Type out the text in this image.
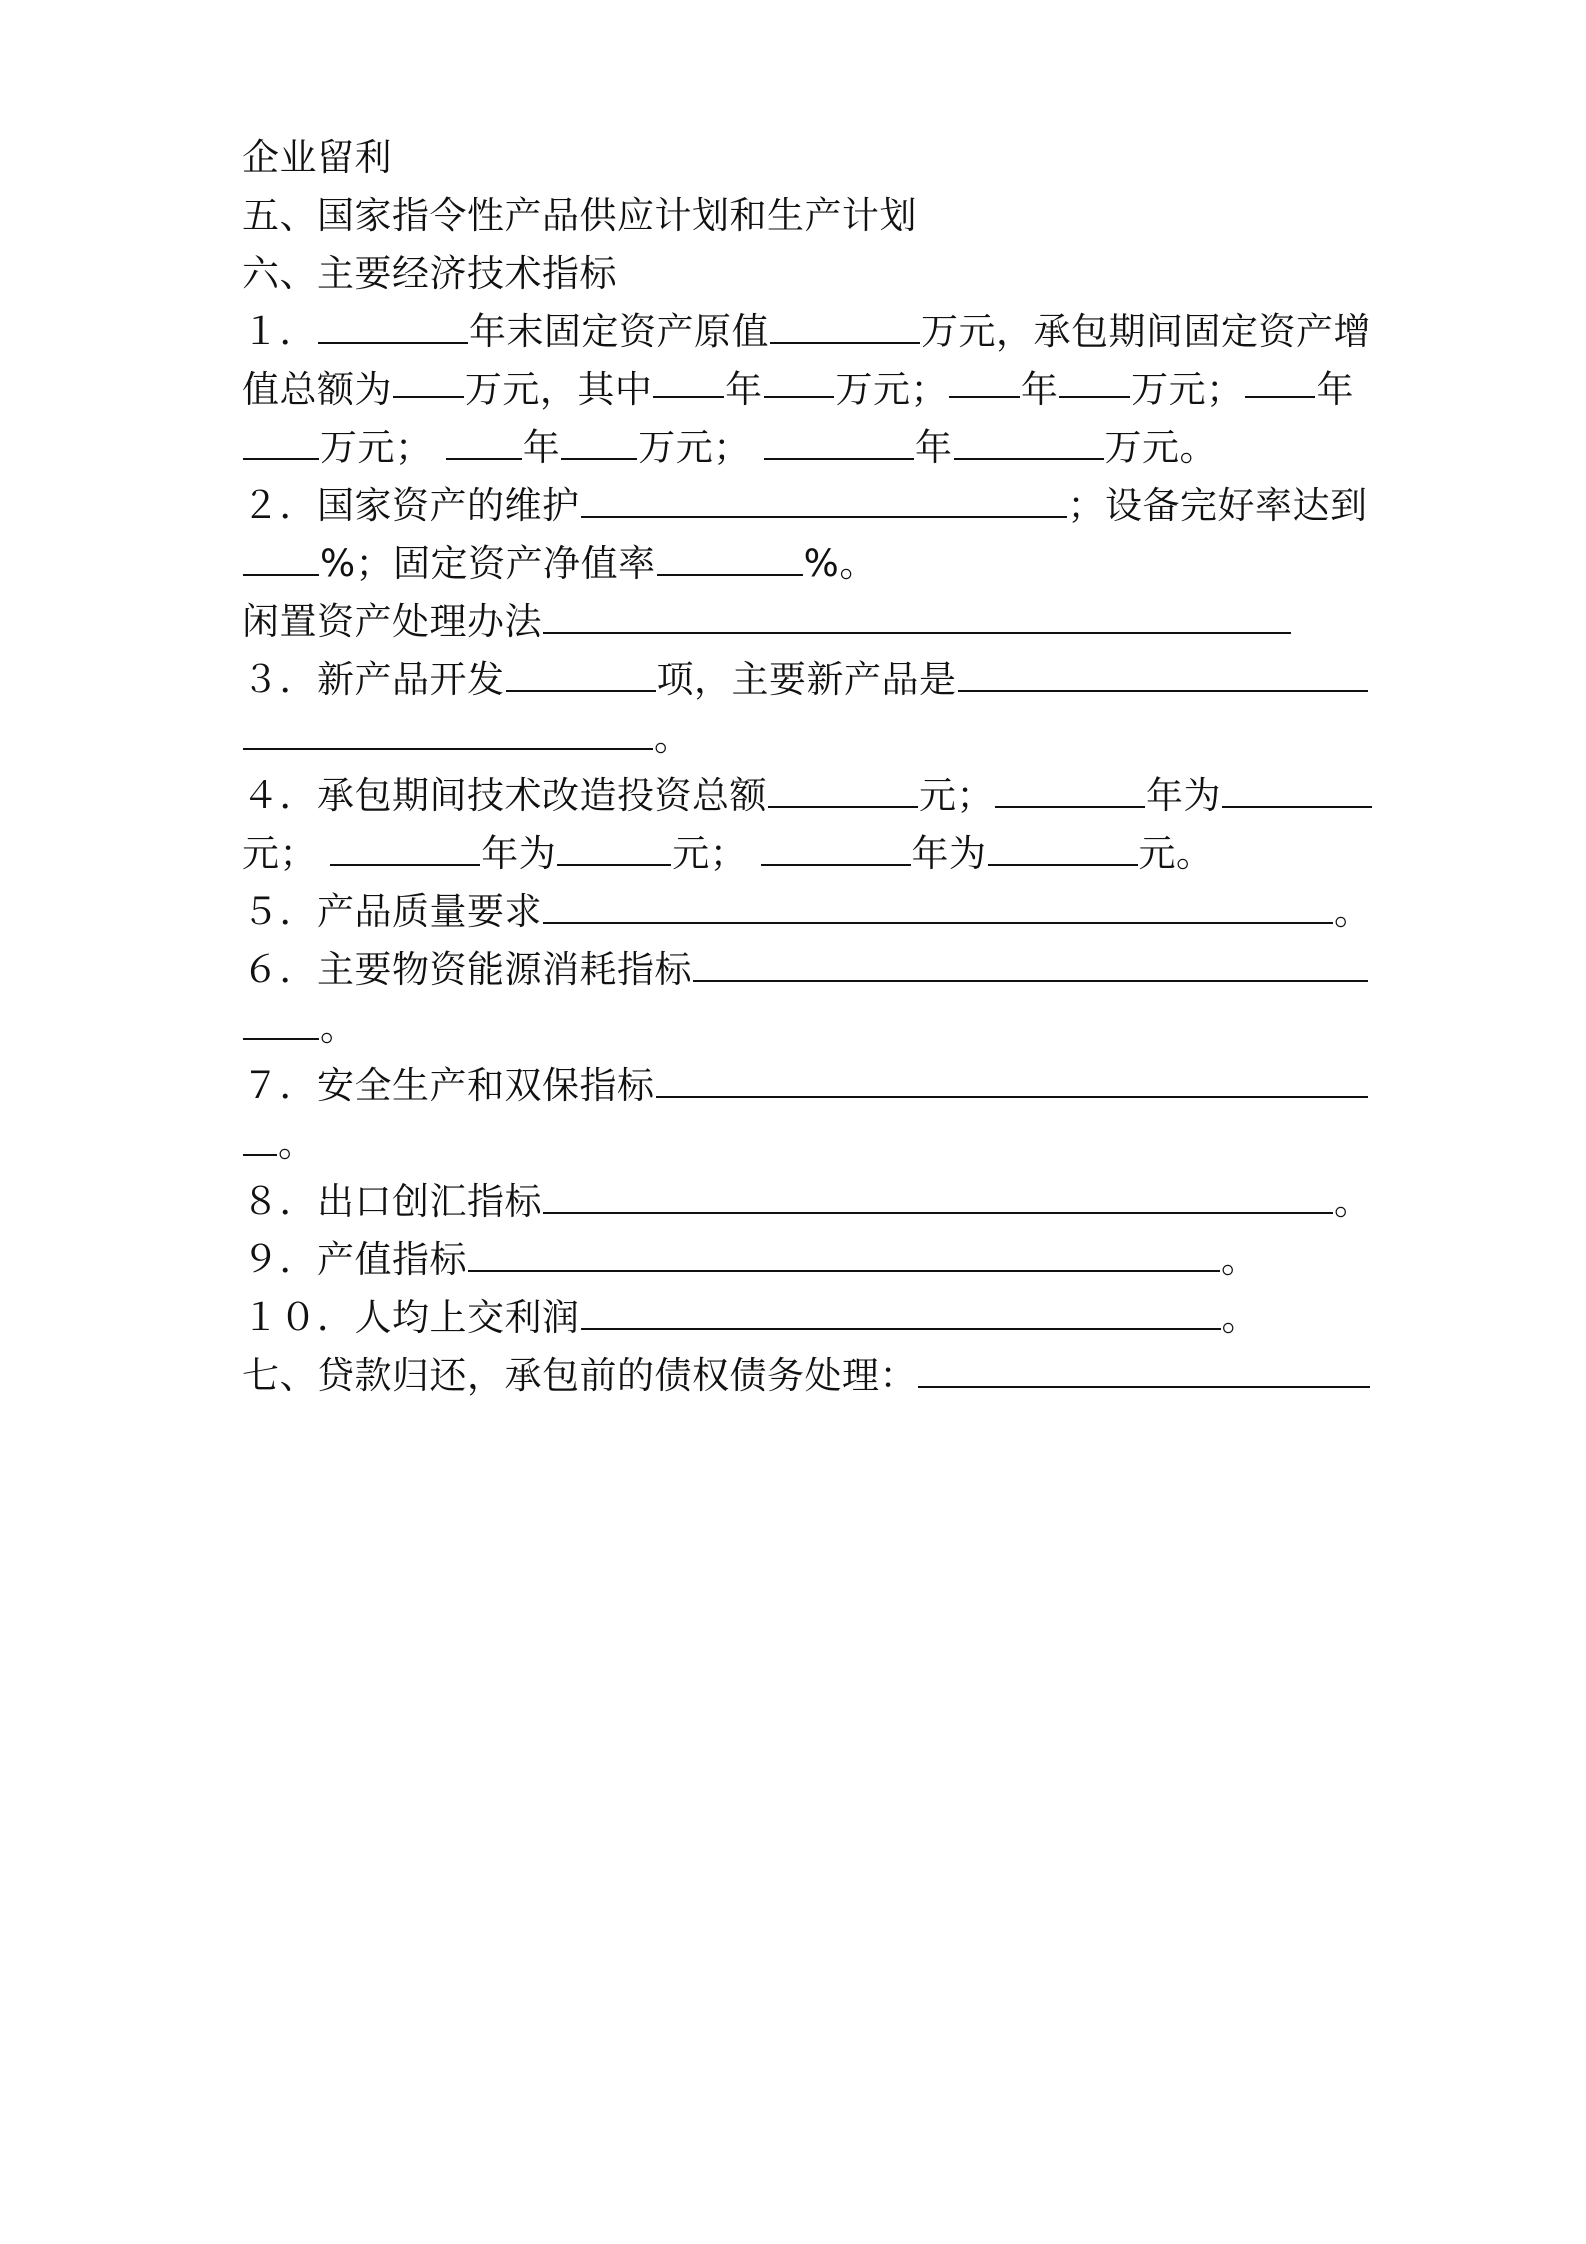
企业留利
五、国家指令性产品供应计划和生产计划
六、主要经济技术指标
１．	年末固定资产原值	万元，承包期间固定资产增
值总额为 万元，其中 年 万元； 年 万元； 年
万元； 年 万元；	年	万元。
２．国家资产的维护	；设备完好率达到
%；固定资产净值率	%。
闲置资产处理办法
３．新产品开发	项，主要新产品是
。
４．承包期间技术改造投资总额	元；	年为
元；	年为	元；	年为	元。
５．产品质量要求	。
６．主要物资能源消耗指标
。
７．安全生产和双保指标
。
８．出口创汇指标	。
９．产值指标	。
１０．人均上交利润	。
七、贷款归还，承包前的债权债务处理：
